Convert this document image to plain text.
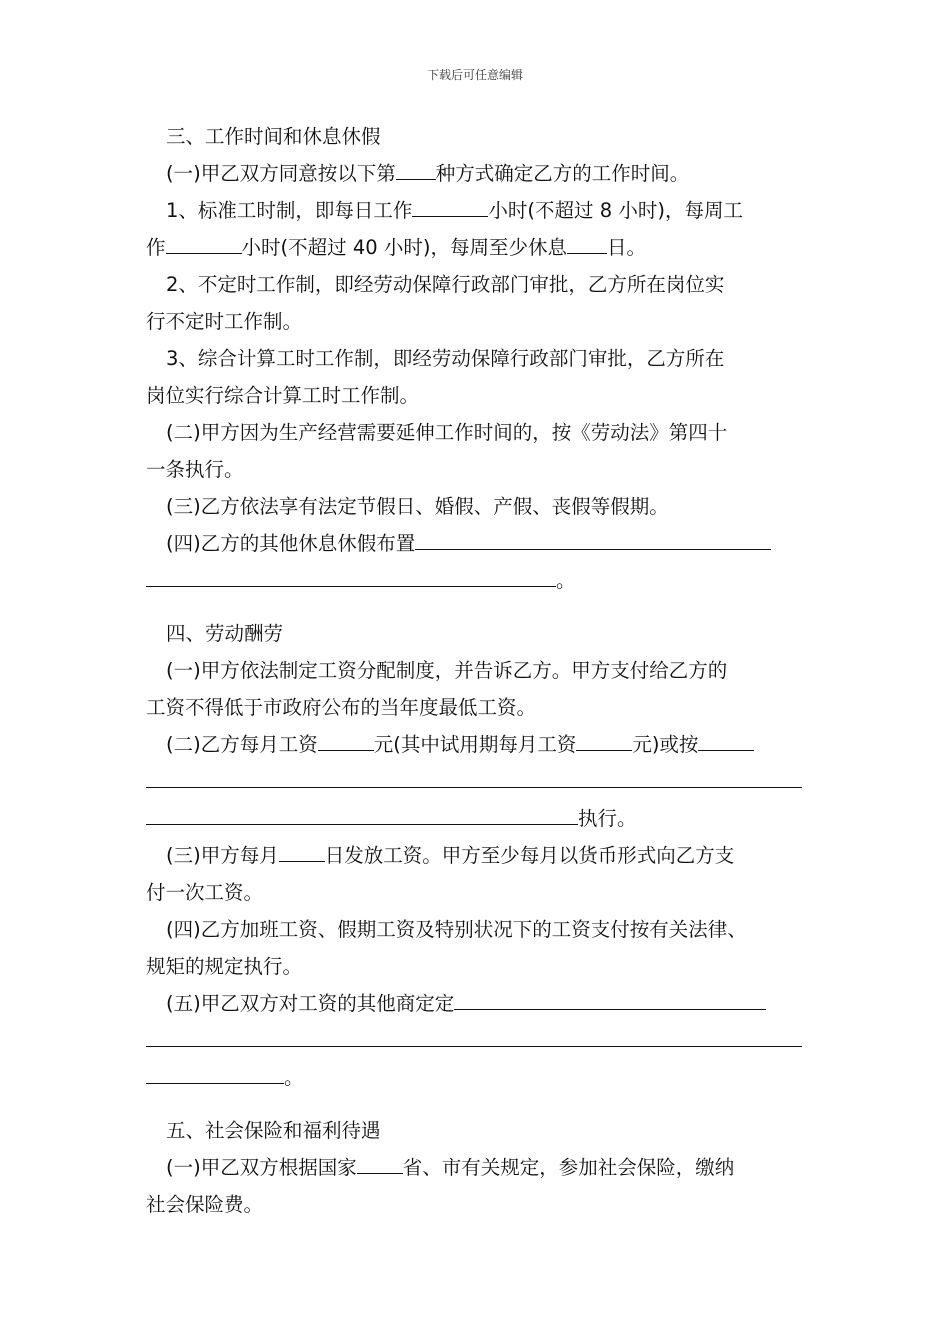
下载后可任意编辑
三、工作时间和休息休假
(一)甲乙双方同意按以下第 种方式确定乙方的工作时间。
1、标准工时制，即每日工作	小时(不超过 8 小时)，每周工
作	小时(不超过 40 小时)，每周至少休息 日。
2、不定时工作制，即经劳动保障行政部门审批，乙方所在岗位实
行不定时工作制。
3、综合计算工时工作制，即经劳动保障行政部门审批，乙方所在
岗位实行综合计算工时工作制。
(二)甲方因为生产经营需要延伸工作时间的，按《劳动法》第四十
一条执行。
(三)乙方依法享有法定节假日、婚假、产假、丧假等假期。
(四)乙方的其他休息休假布置
。
四、劳动酬劳
(一)甲方依法制定工资分配制度，并告诉乙方。甲方支付给乙方的
工资不得低于市政府公布的当年度最低工资。
(二)乙方每月工资	元(其中试用期每月工资	元)或按
执行。
(三)甲方每月 日发放工资。甲方至少每月以货币形式向乙方支
付一次工资。
(四)乙方加班工资、假期工资及特别状况下的工资支付按有关法律、
规矩的规定执行。
(五)甲乙双方对工资的其他商定定
。
五、社会保险和福利待遇
(一)甲乙双方根据国家 省、市有关规定，参加社会保险，缴纳
社会保险费。
